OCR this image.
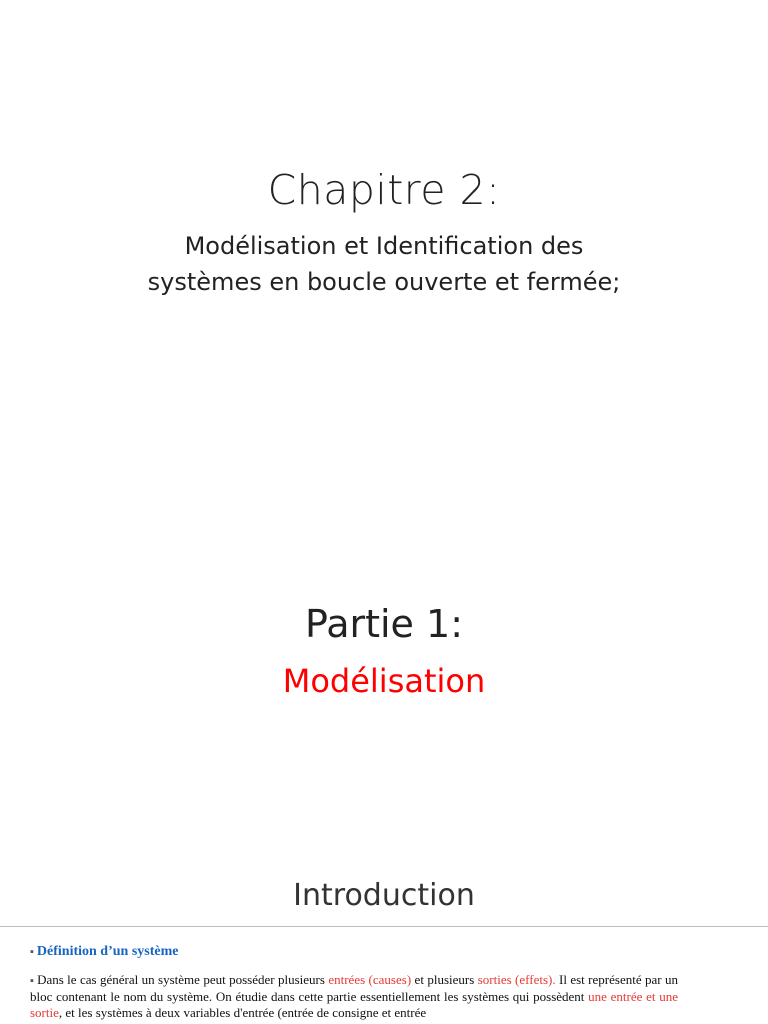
Chapitre 2:
Modélisation et Identification des
systèmes en boucle ouverte et fermée;
Partie 1:
Modélisation
Introduction
▪ Définition d’un système
▪ Dans le cas général un système peut posséder plusieurs entrées (causes) et plusieurs sorties (effets). Il est représenté par un bloc contenant le nom du système. On étudie dans cette partie essentiellement les systèmes qui possèdent une entrée et une sortie, et les systèmes à deux variables d'entrée (entrée de consigne et entrée
